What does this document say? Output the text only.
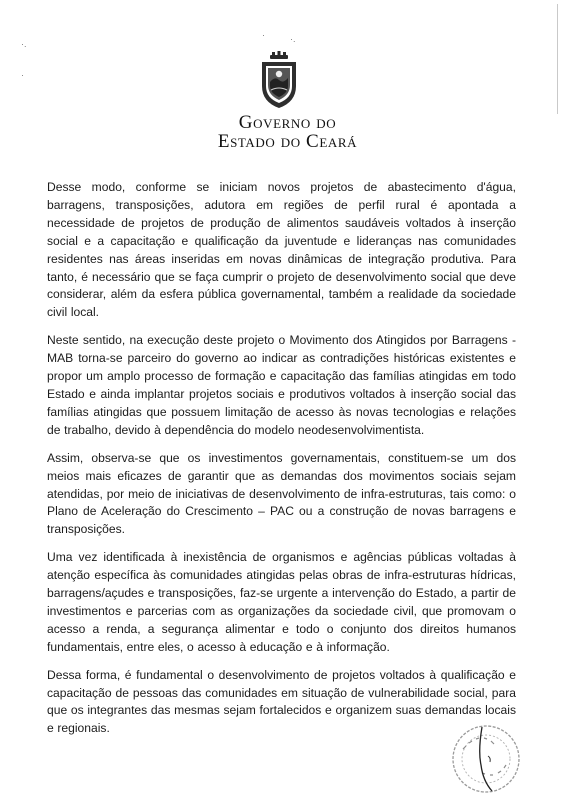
·.
·
·	·.
Governo do
Estado do Ceará

Desse modo, conforme se iniciam novos projetos de abastecimento d'água, barragens, transposições, adutora em regiões de perfil rural é apontada a necessidade de projetos de produção de alimentos saudáveis voltados à inserção social e a capacitação e qualificação da juventude e lideranças nas comunidades residentes nas áreas inseridas em novas dinâmicas de integração produtiva. Para tanto, é necessário que se faça cumprir o projeto de desenvolvimento social que deve considerar, além da esfera pública governamental, também a realidade da sociedade civil local.

Neste sentido, na execução deste projeto o Movimento dos Atingidos por Barragens - MAB torna-se parceiro do governo ao indicar as contradições históricas existentes e propor um amplo processo de formação e capacitação das famílias atingidas em todo Estado e ainda implantar projetos sociais e produtivos voltados à inserção social das famílias atingidas que possuem limitação de acesso às novas tecnologias e relações de trabalho, devido à dependência do modelo neodesenvolvimentista.

Assim, observa-se que os investimentos governamentais, constituem-se um dos meios mais eficazes de garantir que as demandas dos movimentos sociais sejam atendidas, por meio de iniciativas de desenvolvimento de infra-estruturas, tais como: o Plano de Aceleração do Crescimento – PAC ou a construção de novas barragens e transposições.

Uma vez identificada à inexistência de organismos e agências públicas voltadas à atenção específica às comunidades atingidas pelas obras de infra-estruturas hídricas, barragens/açudes e transposições, faz-se urgente a intervenção do Estado, a partir de investimentos e parcerias com as organizações da sociedade civil, que promovam o acesso a renda, a segurança alimentar e todo o conjunto dos direitos humanos fundamentais, entre eles, o acesso à educação e à informação.

Dessa forma, é fundamental o desenvolvimento de projetos voltados à qualificação e capacitação de pessoas das comunidades em situação de vulnerabilidade social, para que os integrantes das mesmas sejam fortalecidos e organizem suas demandas locais e regionais.
